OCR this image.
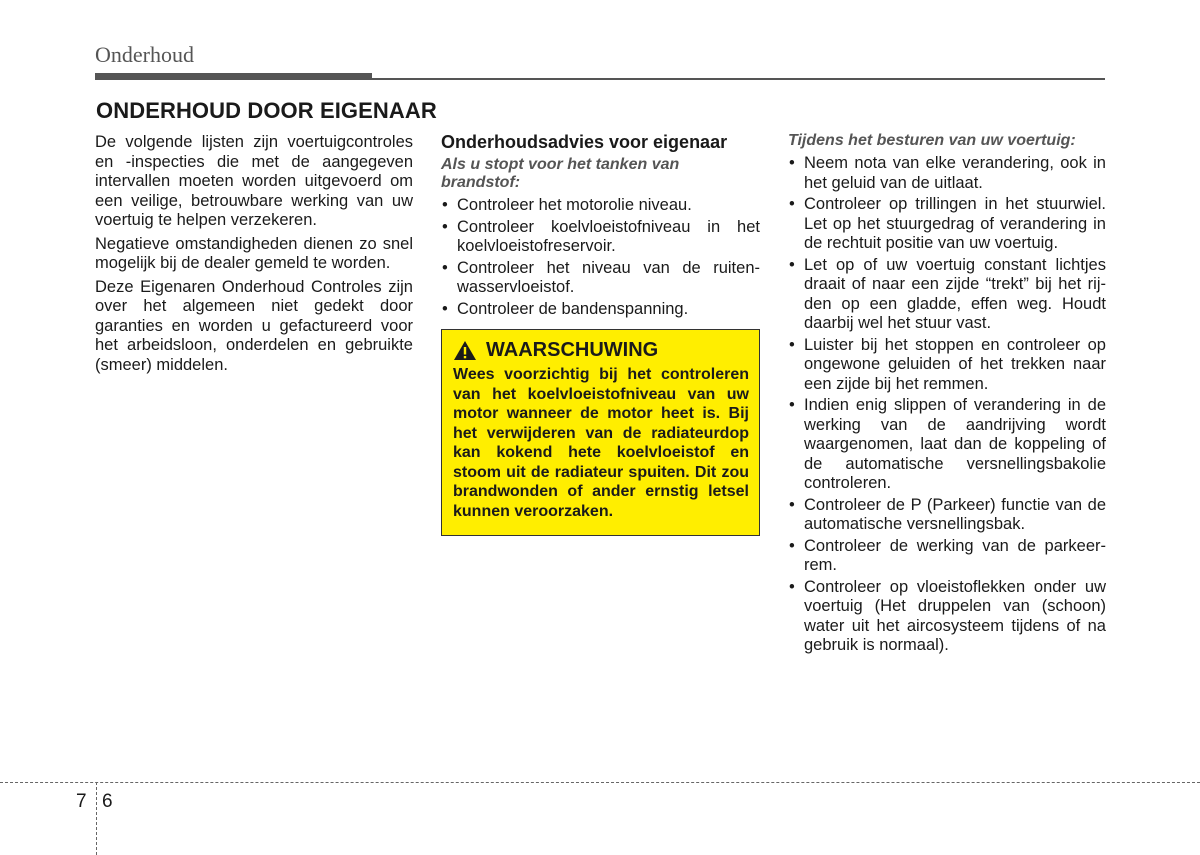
Onderhoud
ONDERHOUD DOOR EIGENAAR

De volgende lijsten zijn voertuigcontroles en -inspecties die met de aangegeven intervallen moeten worden uitgevoerd om een veilige, betrouwbare werking van uw voertuig te helpen verzekeren.

Negatieve omstandigheden dienen zo snel mogelijk bij de dealer gemeld te worden.

Deze Eigenaren Onderhoud Controles zijn over het algemeen niet gedekt door garanties en worden u gefactureerd voor het arbeidsloon, onderdelen en gebruikte (smeer) middelen.

Onderhoudsadvies voor eigenaar
Als u stopt voor het tanken van brandstof:
• Controleer het motorolie niveau.
• Controleer koelvloeistofniveau in het koelvloeistofreservoir.
• Controleer het niveau van de ruitenwasservloeistof.
• Controleer de bandenspanning.
WAARSCHUWING
Wees voorzichtig bij het controleren van het koelvloeistofniveau van uw motor wanneer de motor heet is. Bij het verwijderen van de radiateurdop kan kokend hete koelvloeistof en stoom uit de radiateur spuiten. Dit zou brandwonden of ander ernstig letsel kunnen veroorzaken.
Tijdens het besturen van uw voertuig:
• Neem nota van elke verandering, ook in het geluid van de uitlaat.
• Controleer op trillingen in het stuurwiel. Let op het stuurgedrag of verandering in de rechtuit positie van uw voertuig.
• Let op of uw voertuig constant lichtjes draait of naar een zijde “trekt” bij het rijden op een gladde, effen weg. Houdt daarbij wel het stuur vast.
• Luister bij het stoppen en controleer op ongewone geluiden of het trekken naar een zijde bij het remmen.
• Indien enig slippen of verandering in de werking van de aandrijving wordt waargenomen, laat dan de koppeling of de automatische versnellingsbakolie controleren.
• Controleer de P (Parkeer) functie van de automatische versnellingsbak.
• Controleer de werking van de parkeerrem.
• Controleer op vloeistoflekken onder uw voertuig (Het druppelen van (schoon) water uit het aircosysteem tijdens of na gebruik is normaal).
7 6
